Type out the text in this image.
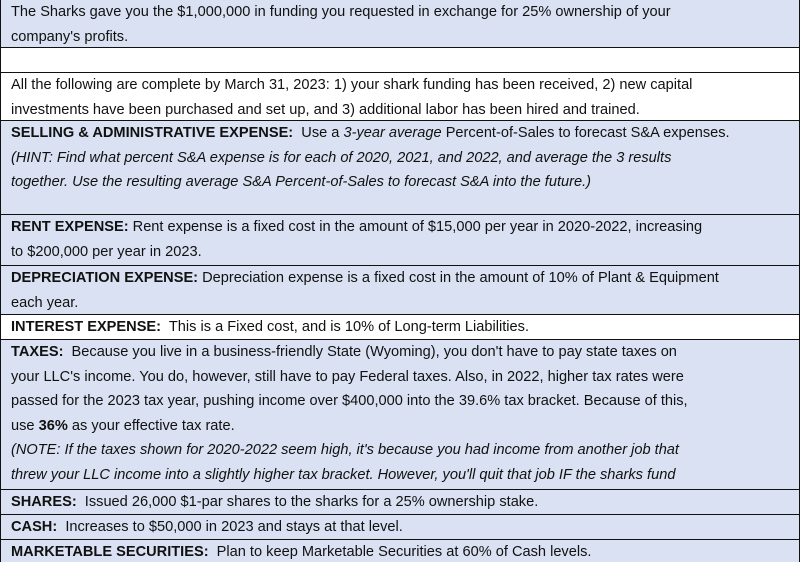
The Sharks gave you the $1,000,000 in funding you requested in exchange for 25% ownership of your
company's profits.
All the following are complete by March 31, 2023: 1) your shark funding has been received, 2) new capital
investments have been purchased and set up, and 3) additional labor has been hired and trained.
SELLING & ADMINISTRATIVE EXPENSE:  Use a 3-year average Percent-of-Sales to forecast S&A expenses.
(HINT: Find what percent S&A expense is for each of 2020, 2021, and 2022, and average the 3 results
together. Use the resulting average S&A Percent-of-Sales to forecast S&A into the future.)
RENT EXPENSE: Rent expense is a fixed cost in the amount of $15,000 per year in 2020-2022, increasing
to $200,000 per year in 2023.
DEPRECIATION EXPENSE: Depreciation expense is a fixed cost in the amount of 10% of Plant & Equipment
each year.
INTEREST EXPENSE:  This is a Fixed cost, and is 10% of Long-term Liabilities.
TAXES:  Because you live in a business-friendly State (Wyoming), you don't have to pay state taxes on
your LLC's income. You do, however, still have to pay Federal taxes. Also, in 2022, higher tax rates were
passed for the 2023 tax year, pushing income over $400,000 into the 39.6% tax bracket. Because of this,
use 36% as your effective tax rate.
(NOTE: If the taxes shown for 2020-2022 seem high, it's because you had income from another job that
threw your LLC income into a slightly higher tax bracket. However, you'll quit that job IF the sharks fund
SHARES:  Issued 26,000 $1-par shares to the sharks for a 25% ownership stake.
CASH:  Increases to $50,000 in 2023 and stays at that level.
MARKETABLE SECURITIES:  Plan to keep Marketable Securities at 60% of Cash levels.
